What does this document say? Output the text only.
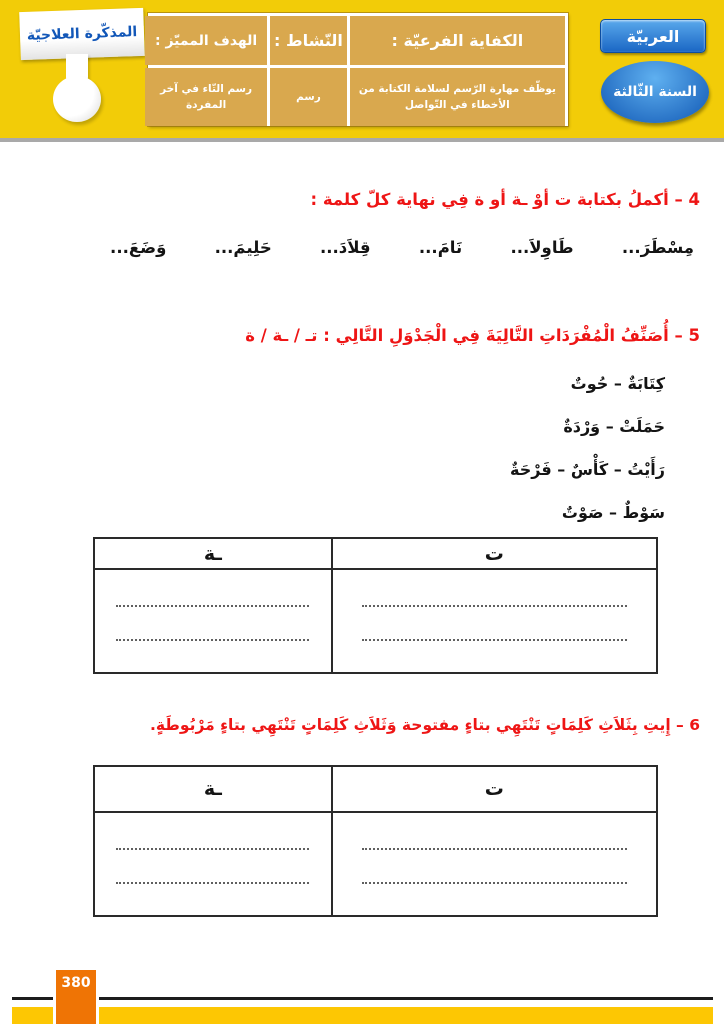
المذكّرة العلاجيّة	الكفاية الفرعيّة :
النّشاط :
الهدف المميّز :
يوظّف مهارة الرّسم لسلامة الكتابة من الأخطاء في التّواصل
رسم
رسم التّاء في آخر المفردة
العربيّة
السنة الثّالثة
4 – أكملُ بكتابة ت أوْ ـة أو ة فِي نهاية كلّ كلمة :
مِسْطَرَ...
طَاوِلاَ...
نَامَ...
قِلاَدَ...
حَلِيمَ...
وَضَعَ...
5 – أُصَنِّفُ الْمُفْرَدَاتِ التَّالِيَةَ فِي الْجَدْوَلِ التَّالِي : تـ / ـة / ة
كِتَابَةٌ – حُوتٌ
حَمَلَتْ – وَرْدَةٌ
رَأَيْتُ – كَأْسٌ – فَرْحَةٌ
سَوْطٌ – صَوْتٌ
ت
ـة
6 – إِيتِ بِثَلاَثِ كَلِمَاتٍ تَنْتَهِي بتاءٍ مفتوحة وَثَلاَثِ كَلِمَاتٍ تَنْتَهِي بتاءٍ مَرْبُوطَةٍ.
ت
ـة
380
